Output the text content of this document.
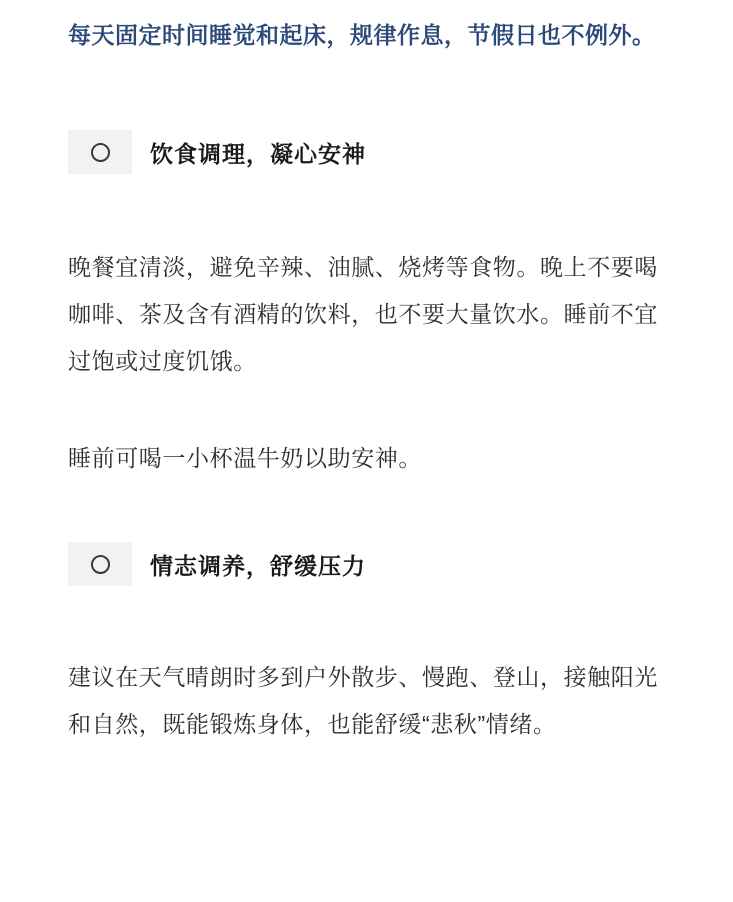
每天固定时间睡觉和起床，规律作息，节假日也不例外。

饮食调理，凝心安神

晚餐宜清淡，避免辛辣、油腻、烧烤等食物。晚上不要喝咖啡、茶及含有酒精的饮料，也不要大量饮水。睡前不宜过饱或过度饥饿。

睡前可喝一小杯温牛奶以助安神。

情志调养，舒缓压力

建议在天气晴朗时多到户外散步、慢跑、登山，接触阳光和自然，既能锻炼身体，也能舒缓“悲秋”情绪。
